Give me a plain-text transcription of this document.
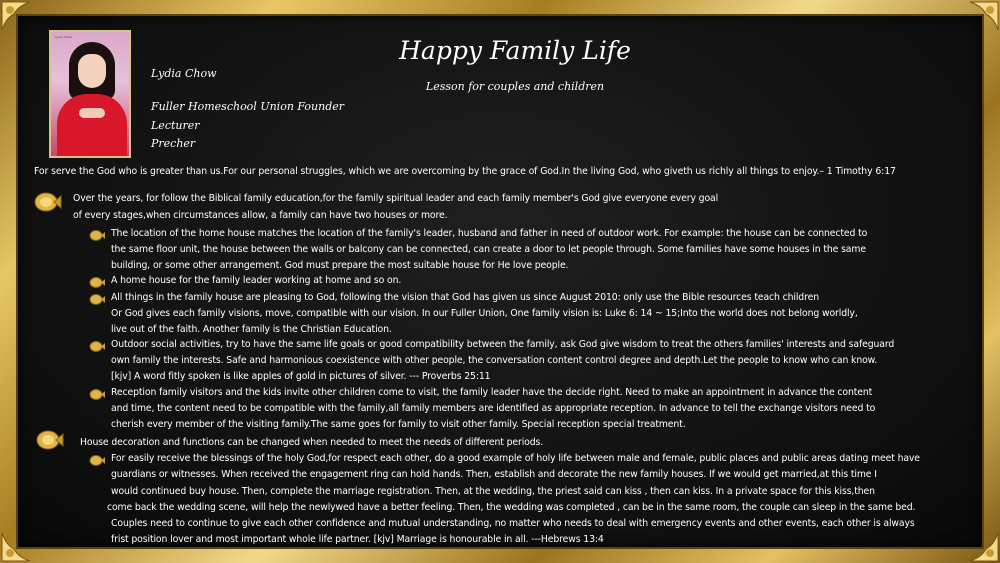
Lydia Chow	Happy Family Life
Lesson for couples and children
Lydia Chow
Fuller Homeschool Union Founder
Lecturer
Precher
For serve the God who is greater than us.For our personal struggles, which we are overcoming by the grace of God.In the living God, who giveth us richly all things to enjoy.– 1 Timothy 6:17
Over the years, for follow the Biblical family education,for the family spiritual leader and each family member's God give everyone every goal
of every stages,when circumstances allow, a family can have two houses or more.
The location of the home house matches the location of the family's leader, husband and father in need of outdoor work. For example: the house can be connected to
the same floor unit, the house between the walls or balcony can be connected, can create a door to let people through. Some families have some houses in the same
building, or some other arrangement. God must prepare the most suitable house for He love people.
A home house for the family leader working at home and so on.
All things in the family house are pleasing to God, following the vision that God has given us since August 2010: only use the Bible resources teach children
Or God gives each family visions, move, compatible with our vision. In our Fuller Union, One family vision is: Luke 6: 14 ~ 15;Into the world does not belong worldly,
live out of the faith. Another family is the Christian Education.
Outdoor social activities, try to have the same life goals or good compatibility between the family, ask God give wisdom to treat the others families' interests and safeguard
own family the interests. Safe and harmonious coexistence with other people, the conversation content control degree and depth.Let the people to know who can know.
[kjv] A word fitly spoken is like apples of gold in pictures of silver. --- Proverbs 25:11
Reception family visitors and the kids invite other children come to visit, the family leader have the decide right. Need to make an appointment in advance the content
and time, the content need to be compatible with the family,all family members are identified as appropriate reception. In advance to tell the exchange visitors need to
cherish every member of the visiting family.The same goes for family to visit other family. Special reception special treatment.
House decoration and functions can be changed when needed to meet the needs of different periods.
For easily receive the blessings of the holy God,for respect each other, do a good example of holy life between male and female, public places and public areas dating meet have
guardians or witnesses. When received the engagement ring can hold hands. Then, establish and decorate the new family houses. If we would get married,at this time I
would continued buy house. Then, complete the marriage registration. Then, at the wedding, the priest said can kiss , then can kiss. In a private space for this kiss,then
come back the wedding scene, will help the newlywed have a better feeling. Then, the wedding was completed , can be in the same room, the couple can sleep in the same bed.
Couples need to continue to give each other confidence and mutual understanding, no matter who needs to deal with emergency events and other events, each other is always
frist position lover and most important whole life partner. [kjv] Marriage is honourable in all. ---Hebrews 13:4
